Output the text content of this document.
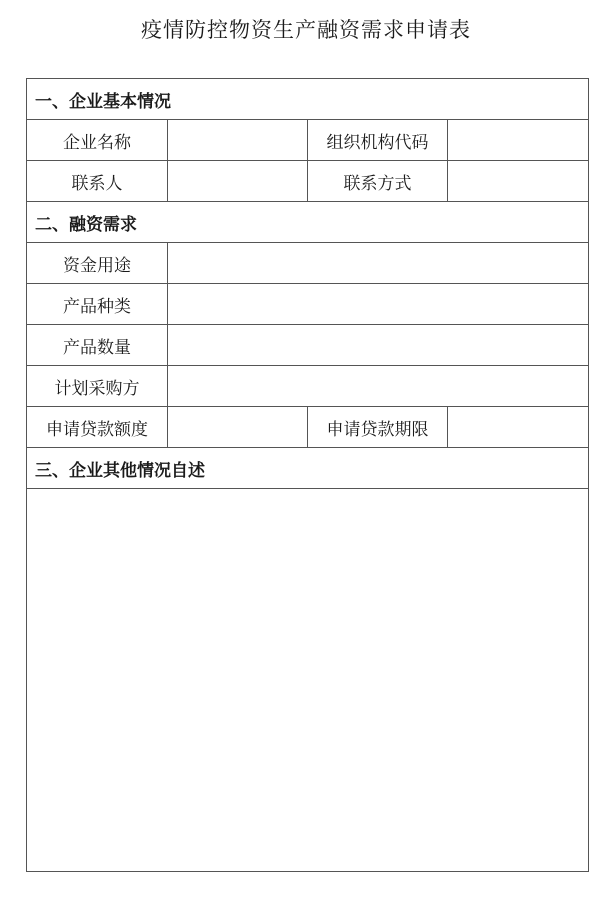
疫情防控物资生产融资需求申请表
一、企业基本情况			
企业名称		组织机构代码	
联系人		联系方式	
二、融资需求			
资金用途			
产品种类			
产品数量			
计划采购方			
申请贷款额度		申请贷款期限	
三、企业其他情况自述			
